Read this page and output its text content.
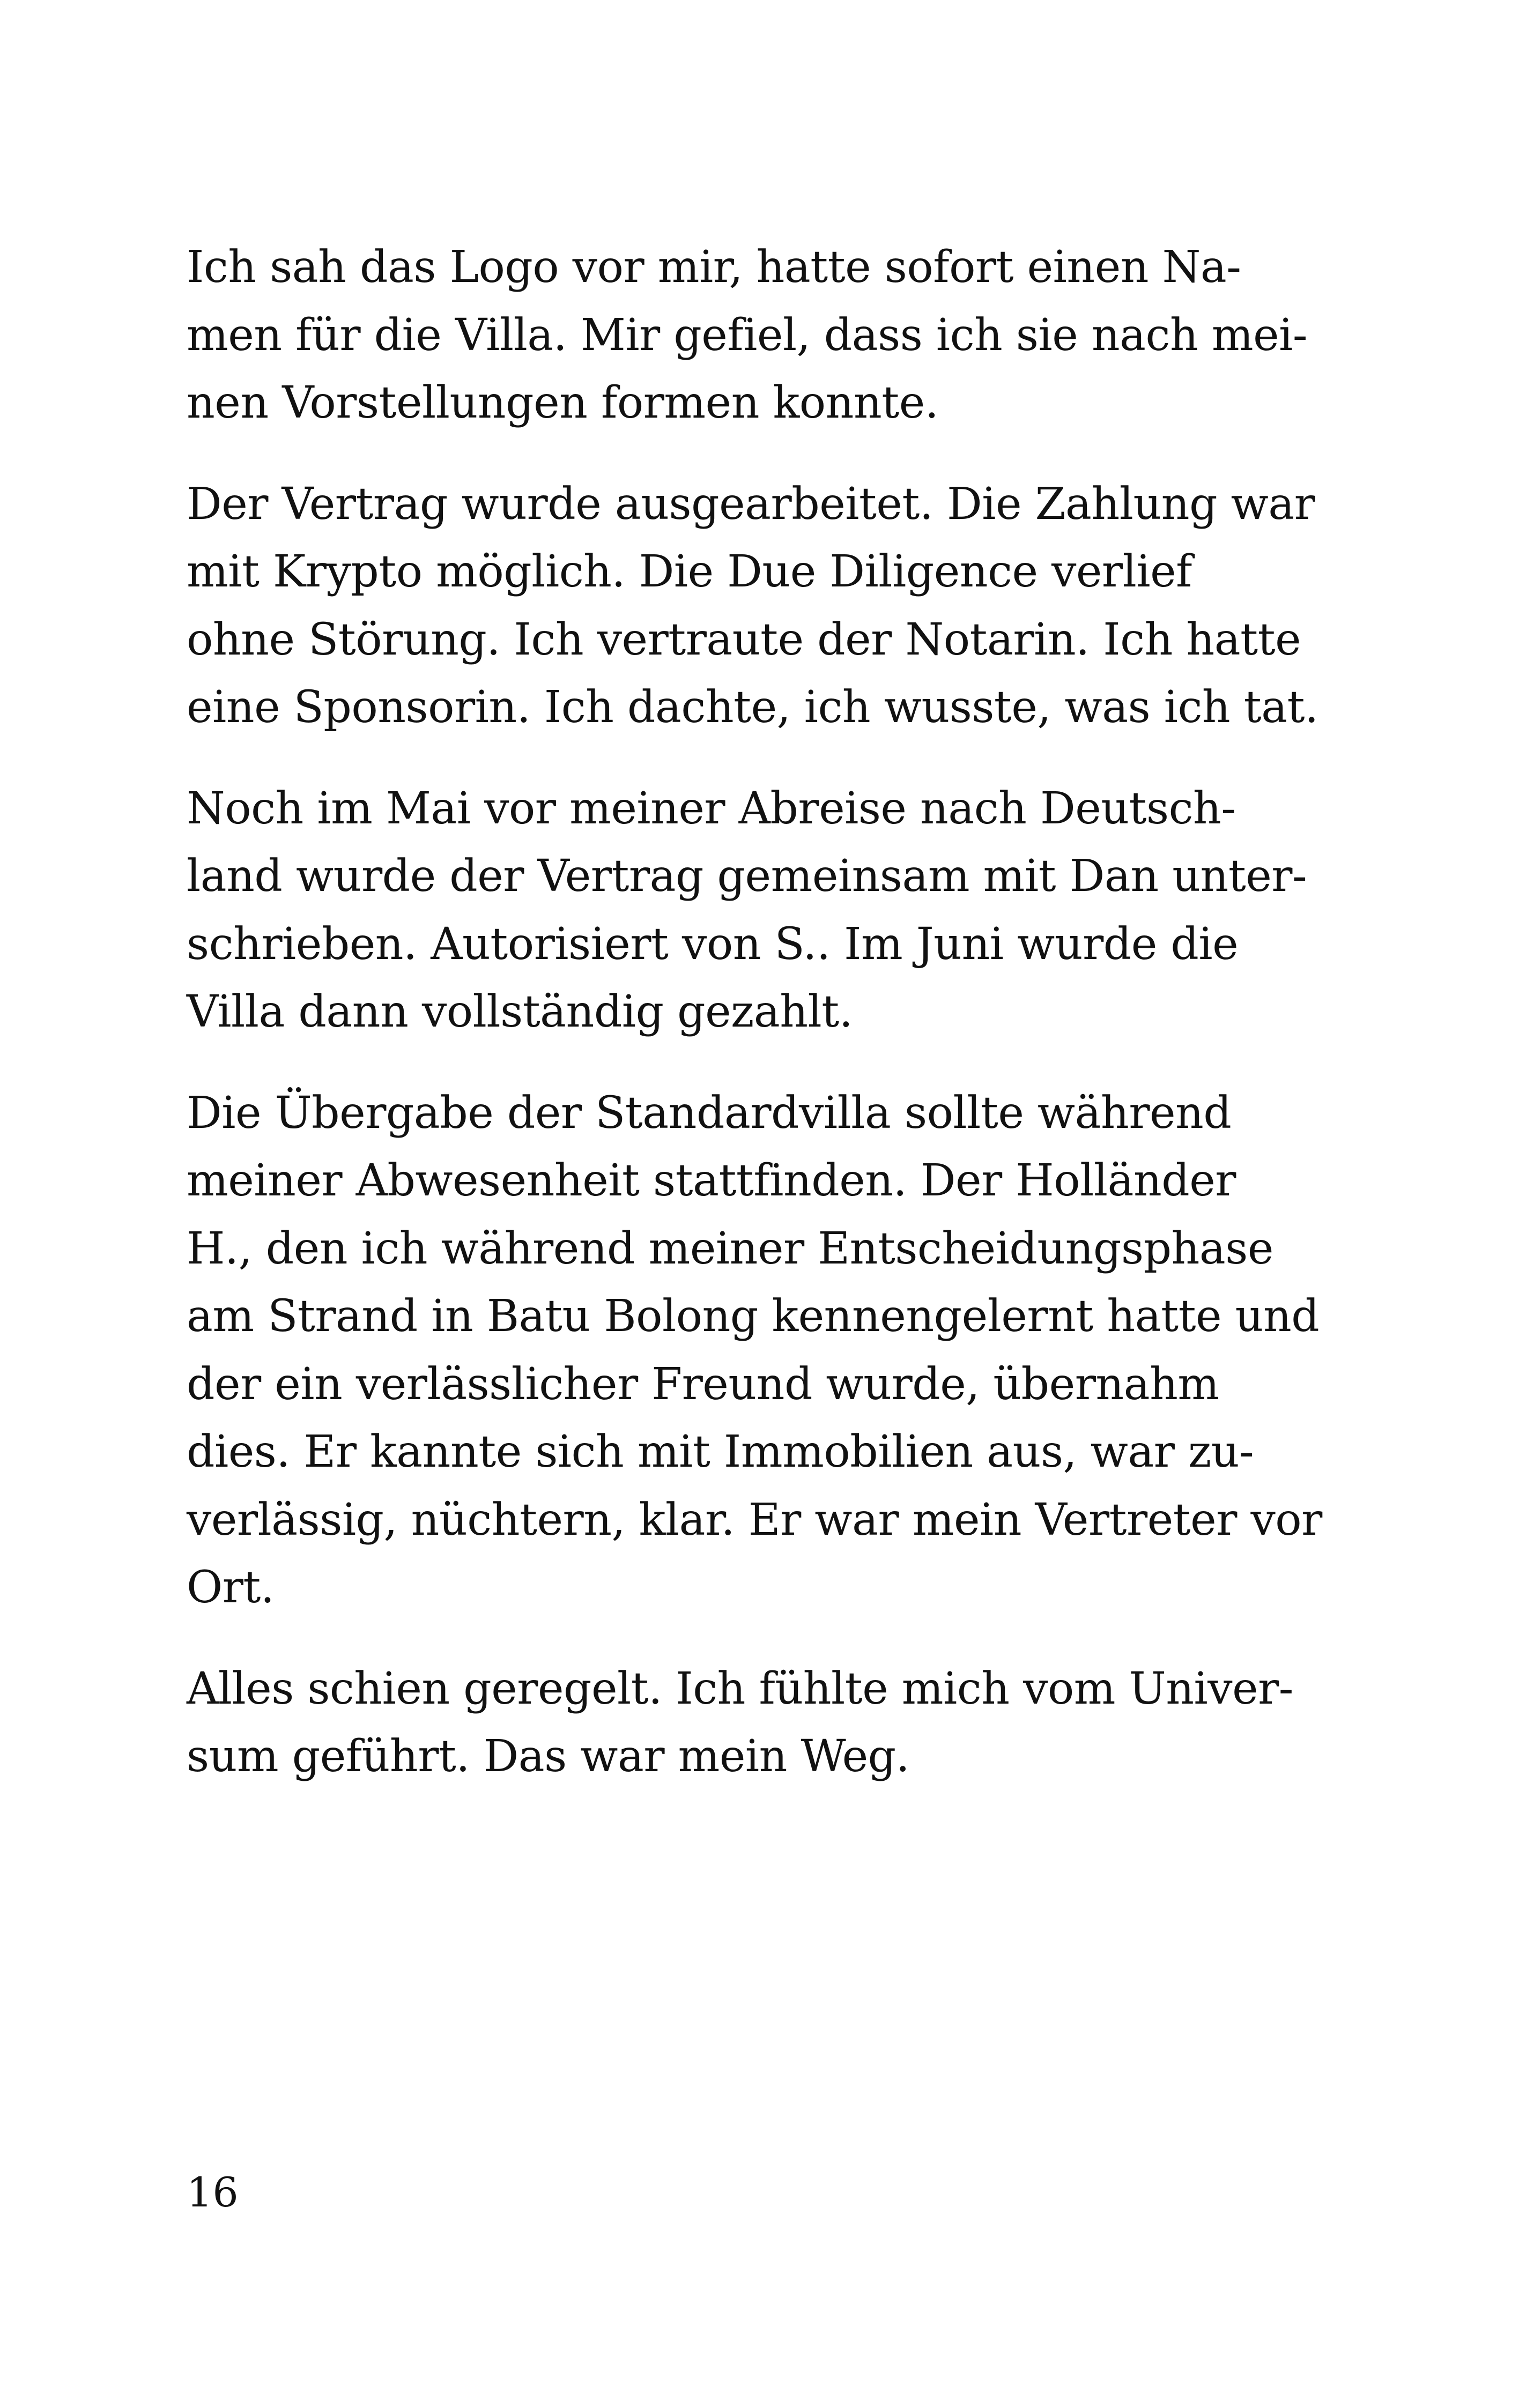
Ich sah das Logo vor mir, hatte sofort einen Na-
men für die Villa. Mir gefiel, dass ich sie nach mei-
nen Vorstellungen formen konnte.

Der Vertrag wurde ausgearbeitet. Die Zahlung war
mit Krypto möglich. Die Due Diligence verlief
ohne Störung. Ich vertraute der Notarin. Ich hatte
eine Sponsorin. Ich dachte, ich wusste, was ich tat.

Noch im Mai vor meiner Abreise nach Deutsch-
land wurde der Vertrag gemeinsam mit Dan unter-
schrieben. Autorisiert von S.. Im Juni wurde die
Villa dann vollständig gezahlt.

Die Übergabe der Standardvilla sollte während
meiner Abwesenheit stattfinden. Der Holländer
H., den ich während meiner Entscheidungsphase
am Strand in Batu Bolong kennengelernt hatte und
der ein verlässlicher Freund wurde, übernahm
dies. Er kannte sich mit Immobilien aus, war zu-
verlässig, nüchtern, klar. Er war mein Vertreter vor
Ort.

Alles schien geregelt. Ich fühlte mich vom Univer-
sum geführt. Das war mein Weg.

16
